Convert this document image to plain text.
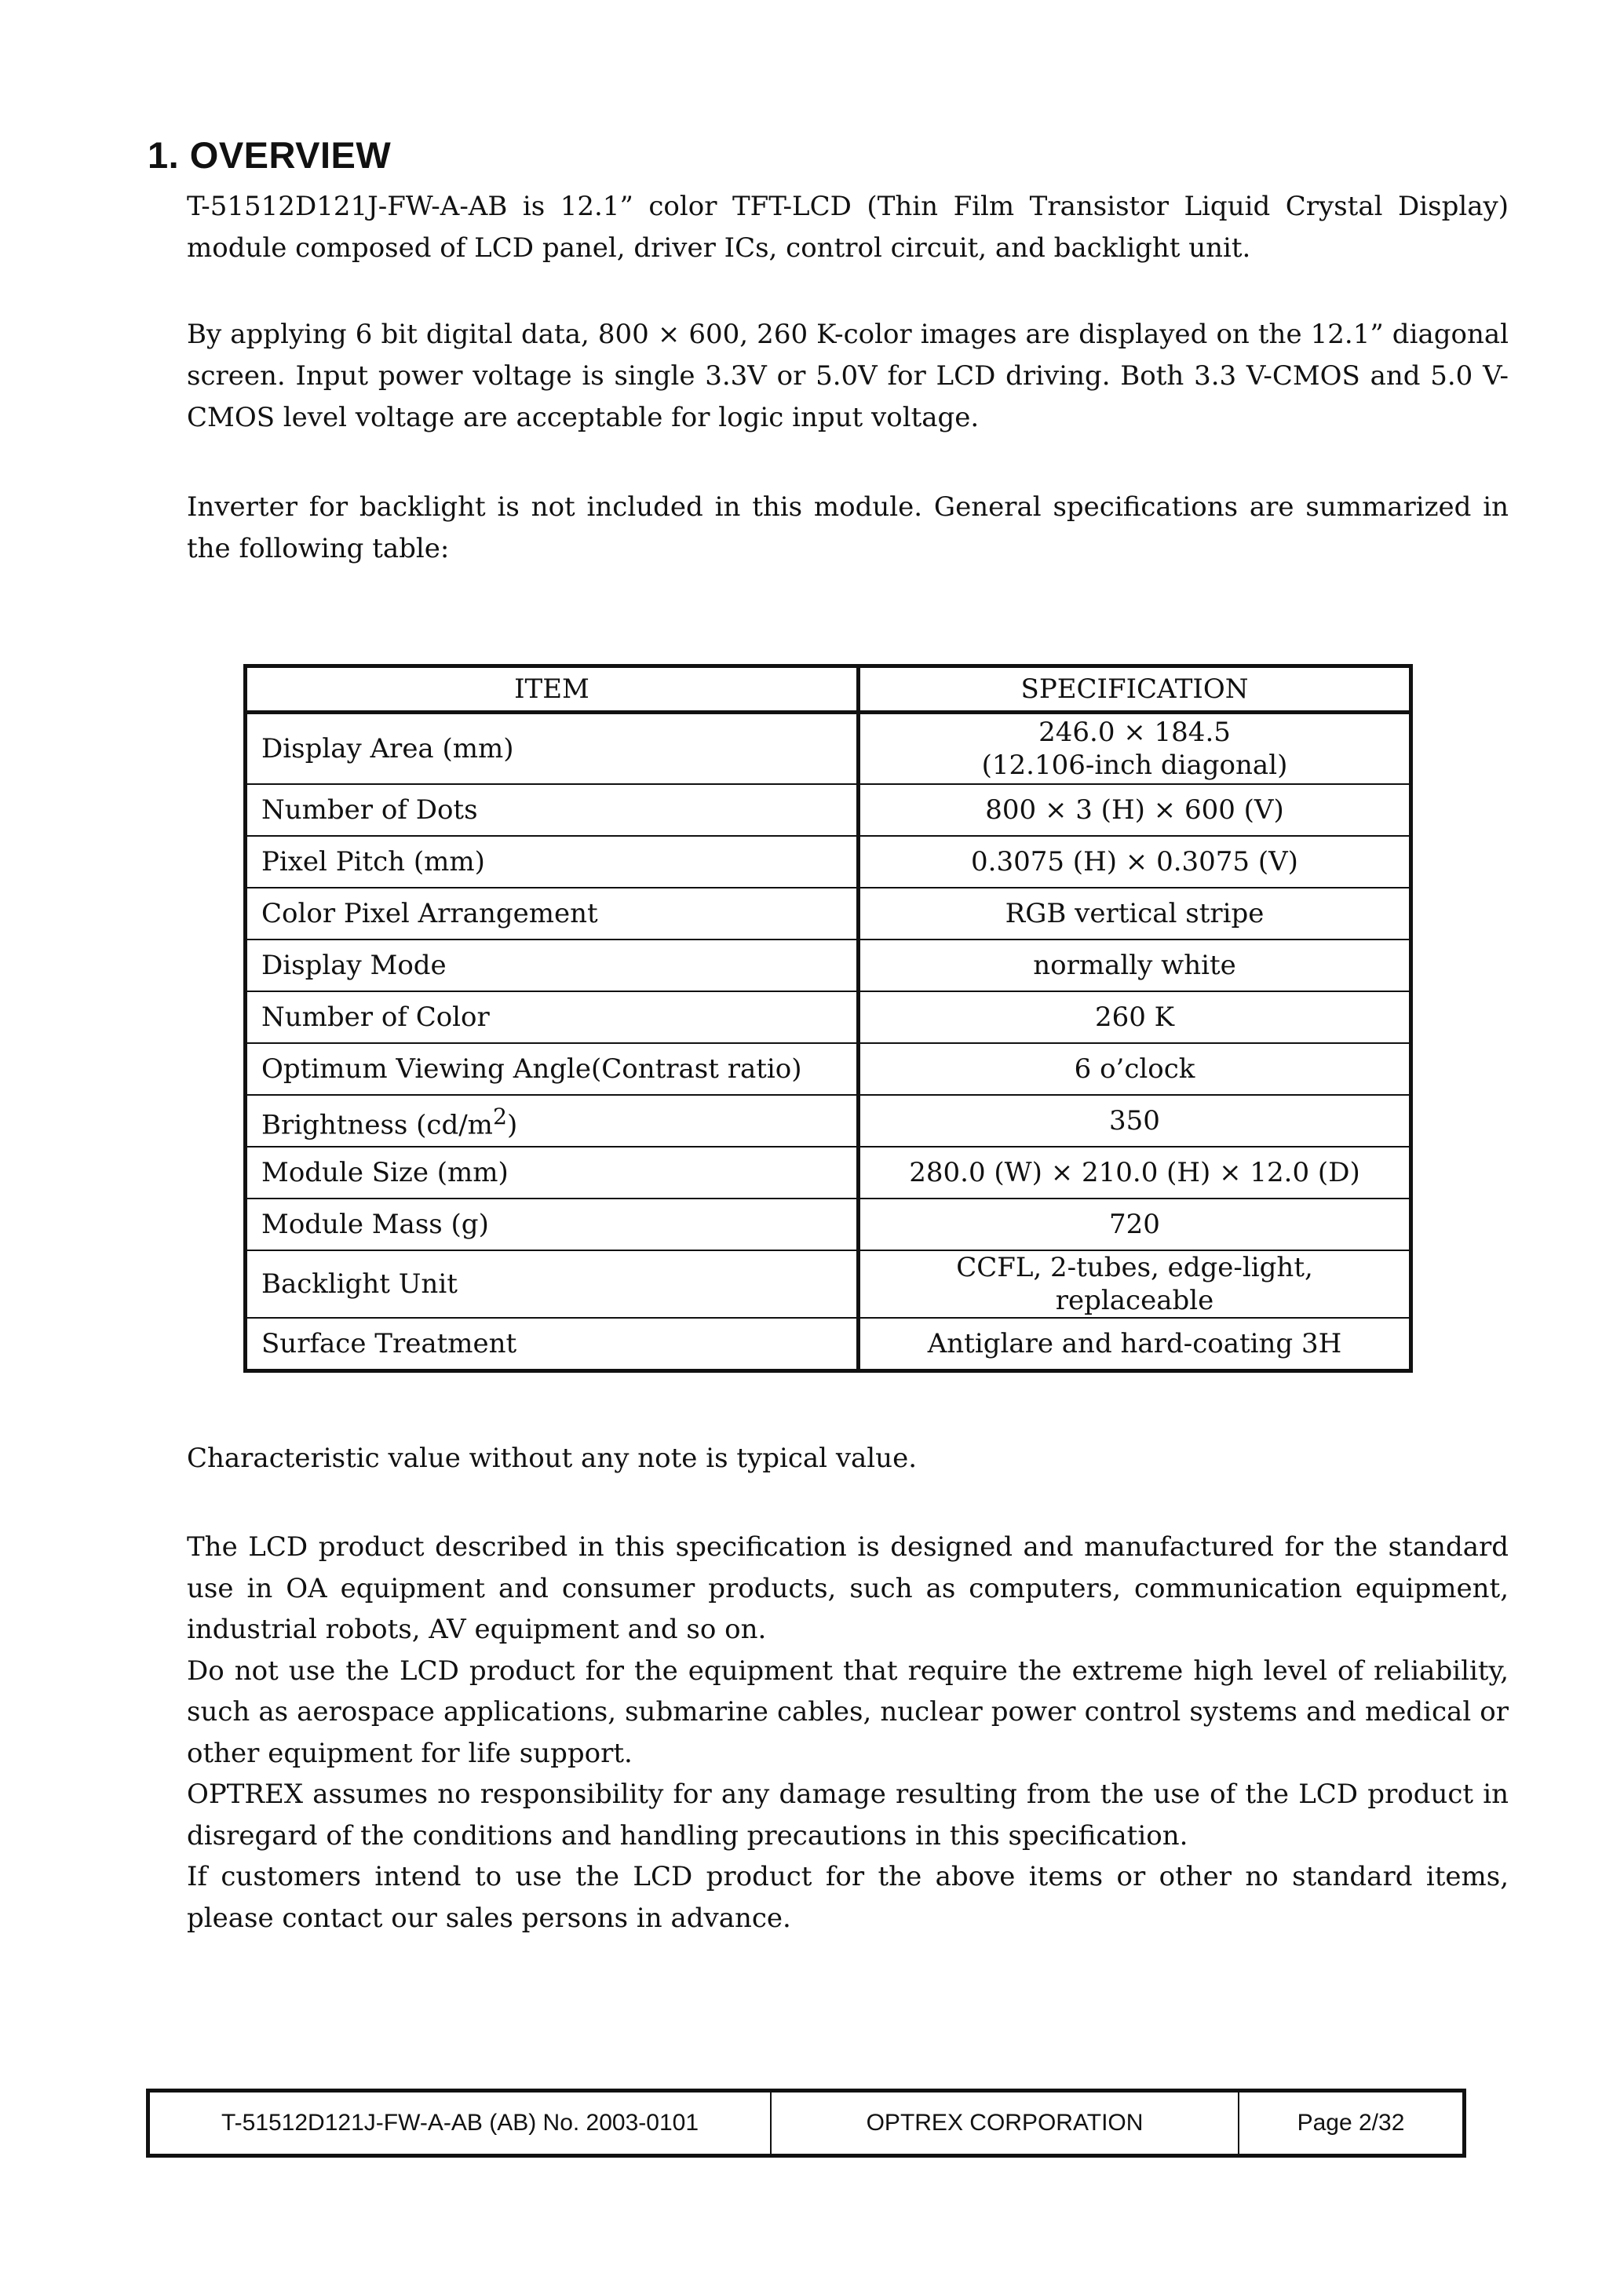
1. OVERVIEW

T-51512D121J-FW-A-AB is 12.1” color TFT-LCD (Thin Film Transistor Liquid Crystal Display) module composed of LCD panel, driver ICs, control circuit, and backlight unit.

By applying 6 bit digital data, 800 × 600, 260 K-color images are displayed on the 12.1” diagonal screen. Input power voltage is single 3.3V or 5.0V for LCD driving. Both 3.3 V-CMOS and 5.0 V-CMOS level voltage are acceptable for logic input voltage.

Inverter for backlight is not included in this module. General specifications are summarized in the following table:

ITEM	SPECIFICATION
Display Area (mm)	246.0 × 184.5
(12.106-inch diagonal)

Number of Dots	800 × 3 (H) × 600 (V)
Pixel Pitch (mm)	0.3075 (H) × 0.3075 (V)
Color Pixel Arrangement	RGB vertical stripe
Display Mode	normally white
Number of Color	260 K
Optimum Viewing Angle(Contrast ratio)	6 o’clock
Brightness $(cd/m^2)$	350
Module Size (mm)	280.0 (W) × 210.0 (H) × 12.0 (D)
Module Mass (g)	720
Backlight Unit	CCFL, 2-tubes, edge-light, replaceable
Surface Treatment	Antiglare and hard-coating 3H

Characteristic value without any note is typical value.

The LCD product described in this specification is designed and manufactured for the standard use in OA equipment and consumer products, such as computers, communication equipment, industrial robots, AV equipment and so on.
Do not use the LCD product for the equipment that require the extreme high level of reliability, such as aerospace applications, submarine cables, nuclear power control systems and medical or other equipment for life support.
OPTREX assumes no responsibility for any damage resulting from the use of the LCD product in disregard of the conditions and handling precautions in this specification.
If customers intend to use the LCD product for the above items or other no standard items, please contact our sales persons in advance.
T-51512D121J-FW-A-AB (AB) No. 2003-0101	OPTREX CORPORATION	Page 2/32
